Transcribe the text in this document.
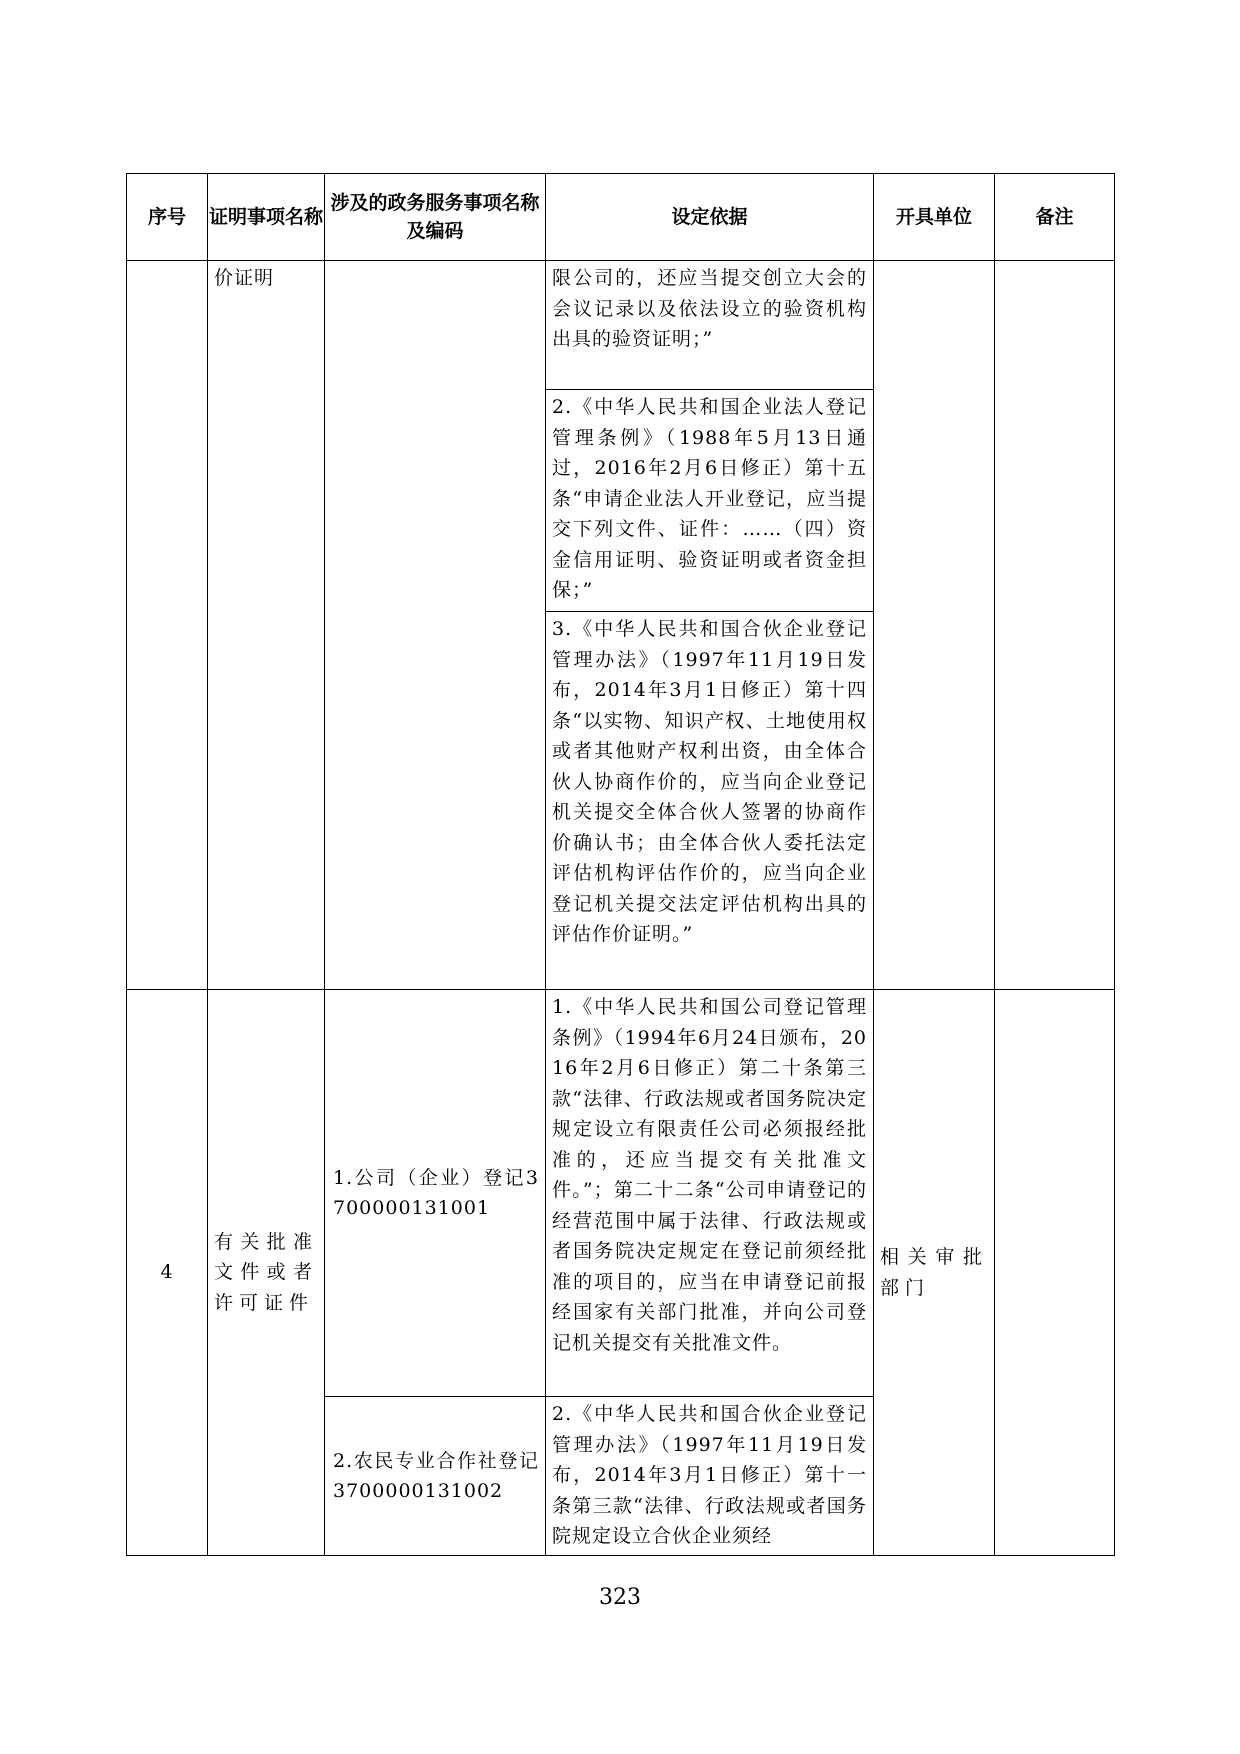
序号	证明事项名称	涉及的政务服务事项名称及编码	设定依据	开具单位	备注

	价证明		限公司的，还应当提交创立大会的会议记录以及依法设立的验资机构出具的验资证明；”		

			2.《中华人民共和国企业法人登记管理条例》（1988年5月13日通过，2016年2月6日修正）第十五条“申请企业法人开业登记，应当提交下列文件、证件：……（四）资金信用证明、验资证明或者资金担保；”		

			3.《中华人民共和国合伙企业登记管理办法》（1997年11月19日发布，2014年3月1日修正）第十四条“以实物、知识产权、土地使用权或者其他财产权利出资，由全体合伙人协商作价的，应当向企业登记机关提交全体合伙人签署的协商作价确认书；由全体合伙人委托法定评估机构评估作价的，应当向企业登记机关提交法定评估机构出具的评估作价证明。”		

4	有关批准文件或者许可证件	1.公司（企业）登记3700000131001	1.《中华人民共和国公司登记管理条例》（1994年6月24日颁布，2016年2月6日修正）第二十条第三款“法律、行政法规或者国务院决定规定设立有限责任公司必须报经批准的，还应当提交有关批准文件。”；第二十二条“公司申请登记的经营范围中属于法律、行政法规或者国务院决定规定在登记前须经批准的项目的，应当在申请登记前报经国家有关部门批准，并向公司登记机关提交有关批准文件。	相关审批部门	

		2.农民专业合作社登记3700000131002	2.《中华人民共和国合伙企业登记管理办法》（1997年11月19日发布，2014年3月1日修正）第十一条第三款“法律、行政法规或者国务院规定设立合伙企业须经		
323
